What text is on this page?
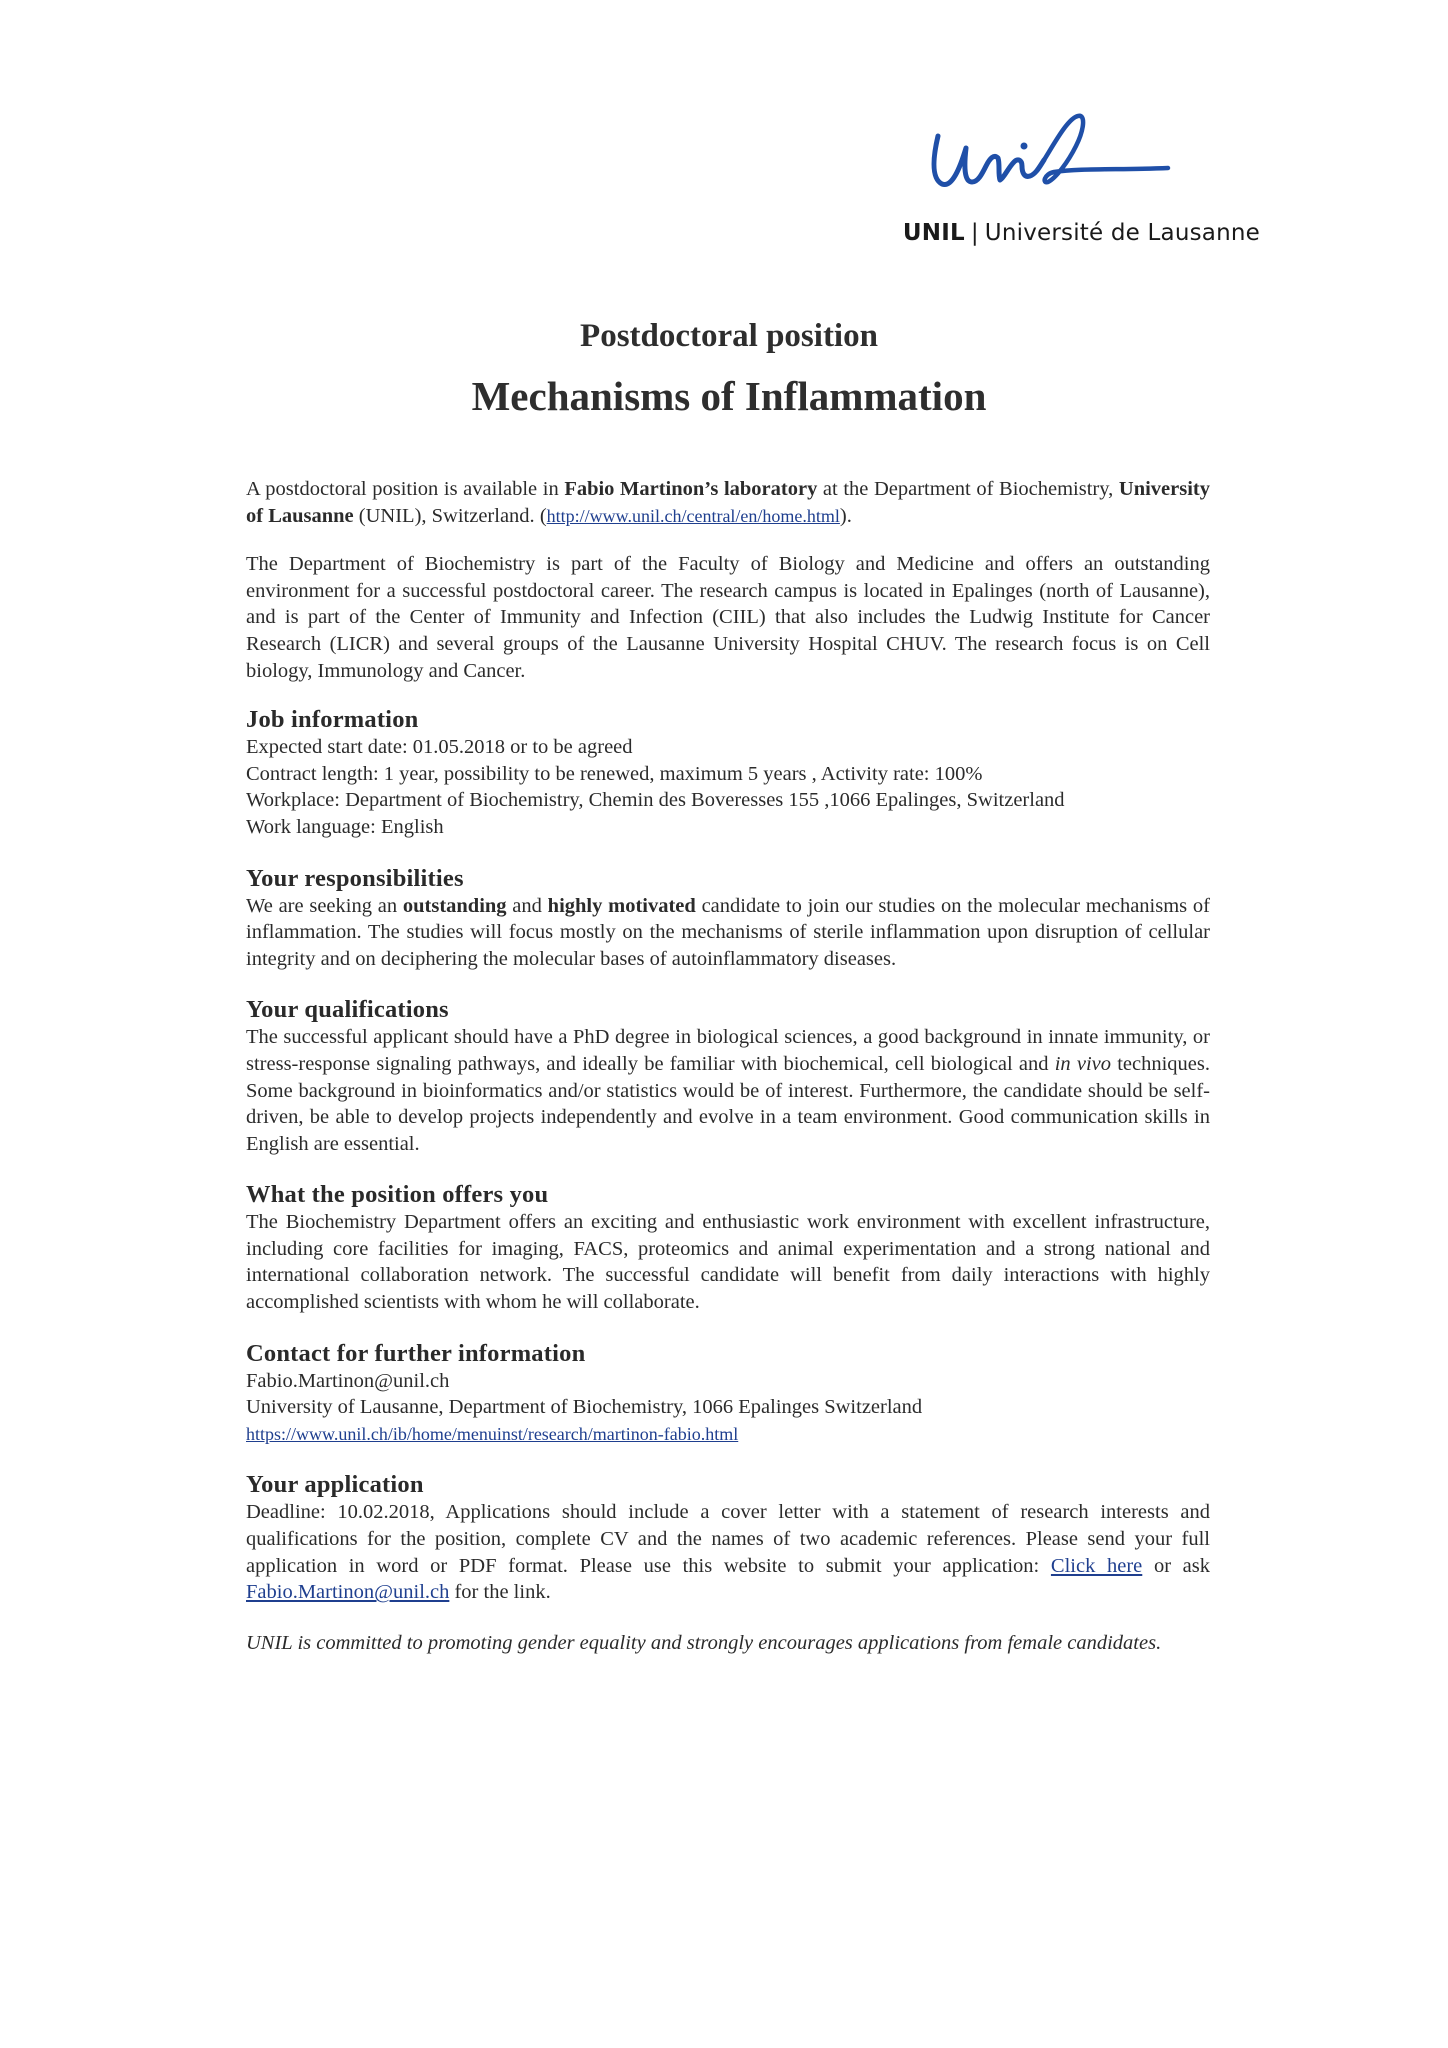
UNIL | Université de Lausanne
Postdoctoral position
Mechanisms of Inflammation

A postdoctoral position is available in Fabio Martinon’s laboratory at the Department of Biochemistry, University of Lausanne (UNIL), Switzerland. (http://www.unil.ch/central/en/home.html).

The Department of Biochemistry is part of the Faculty of Biology and Medicine and offers an outstanding environment for a successful postdoctoral career. The research campus is located in Epalinges (north of Lausanne), and is part of the Center of Immunity and Infection (CIIL) that also includes the Ludwig Institute for Cancer Research (LICR) and several groups of the Lausanne University Hospital CHUV. The research focus is on Cell biology, Immunology and Cancer.

Job information

Expected start date: 01.05.2018 or to be agreed
Contract length: 1 year, possibility to be renewed, maximum 5 years , Activity rate: 100%
Workplace: Department of Biochemistry, Chemin des Boveresses 155 ,1066 Epalinges, Switzerland
Work language: English

Your responsibilities

We are seeking an outstanding and highly motivated candidate to join our studies on the molecular mechanisms of inflammation. The studies will focus mostly on the mechanisms of sterile inflammation upon disruption of cellular integrity and on deciphering the molecular bases of autoinflammatory diseases.

Your qualifications

The successful applicant should have a PhD degree in biological sciences, a good background in innate immunity, or stress-response signaling pathways, and ideally be familiar with biochemical, cell biological and in vivo techniques. Some background in bioinformatics and/or statistics would be of interest. Furthermore, the candidate should be self-driven, be able to develop projects independently and evolve in a team environment. Good communication skills in English are essential.

What the position offers you

The Biochemistry Department offers an exciting and enthusiastic work environment with excellent infrastructure, including core facilities for imaging, FACS, proteomics and animal experimentation and a strong national and international collaboration network. The successful candidate will benefit from daily interactions with highly accomplished scientists with whom he will collaborate.

Contact for further information

Fabio.Martinon@unil.ch
University of Lausanne, Department of Biochemistry, 1066 Epalinges Switzerland
https://www.unil.ch/ib/home/menuinst/research/martinon-fabio.html

Your application

Deadline: 10.02.2018, Applications should include a cover letter with a statement of research interests and qualifications for the position, complete CV and the names of two academic references. Please send your full application in word or PDF format. Please use this website to submit your application: Click here or ask Fabio.Martinon@unil.ch for the link.

UNIL is committed to promoting gender equality and strongly encourages applications from female candidates.
